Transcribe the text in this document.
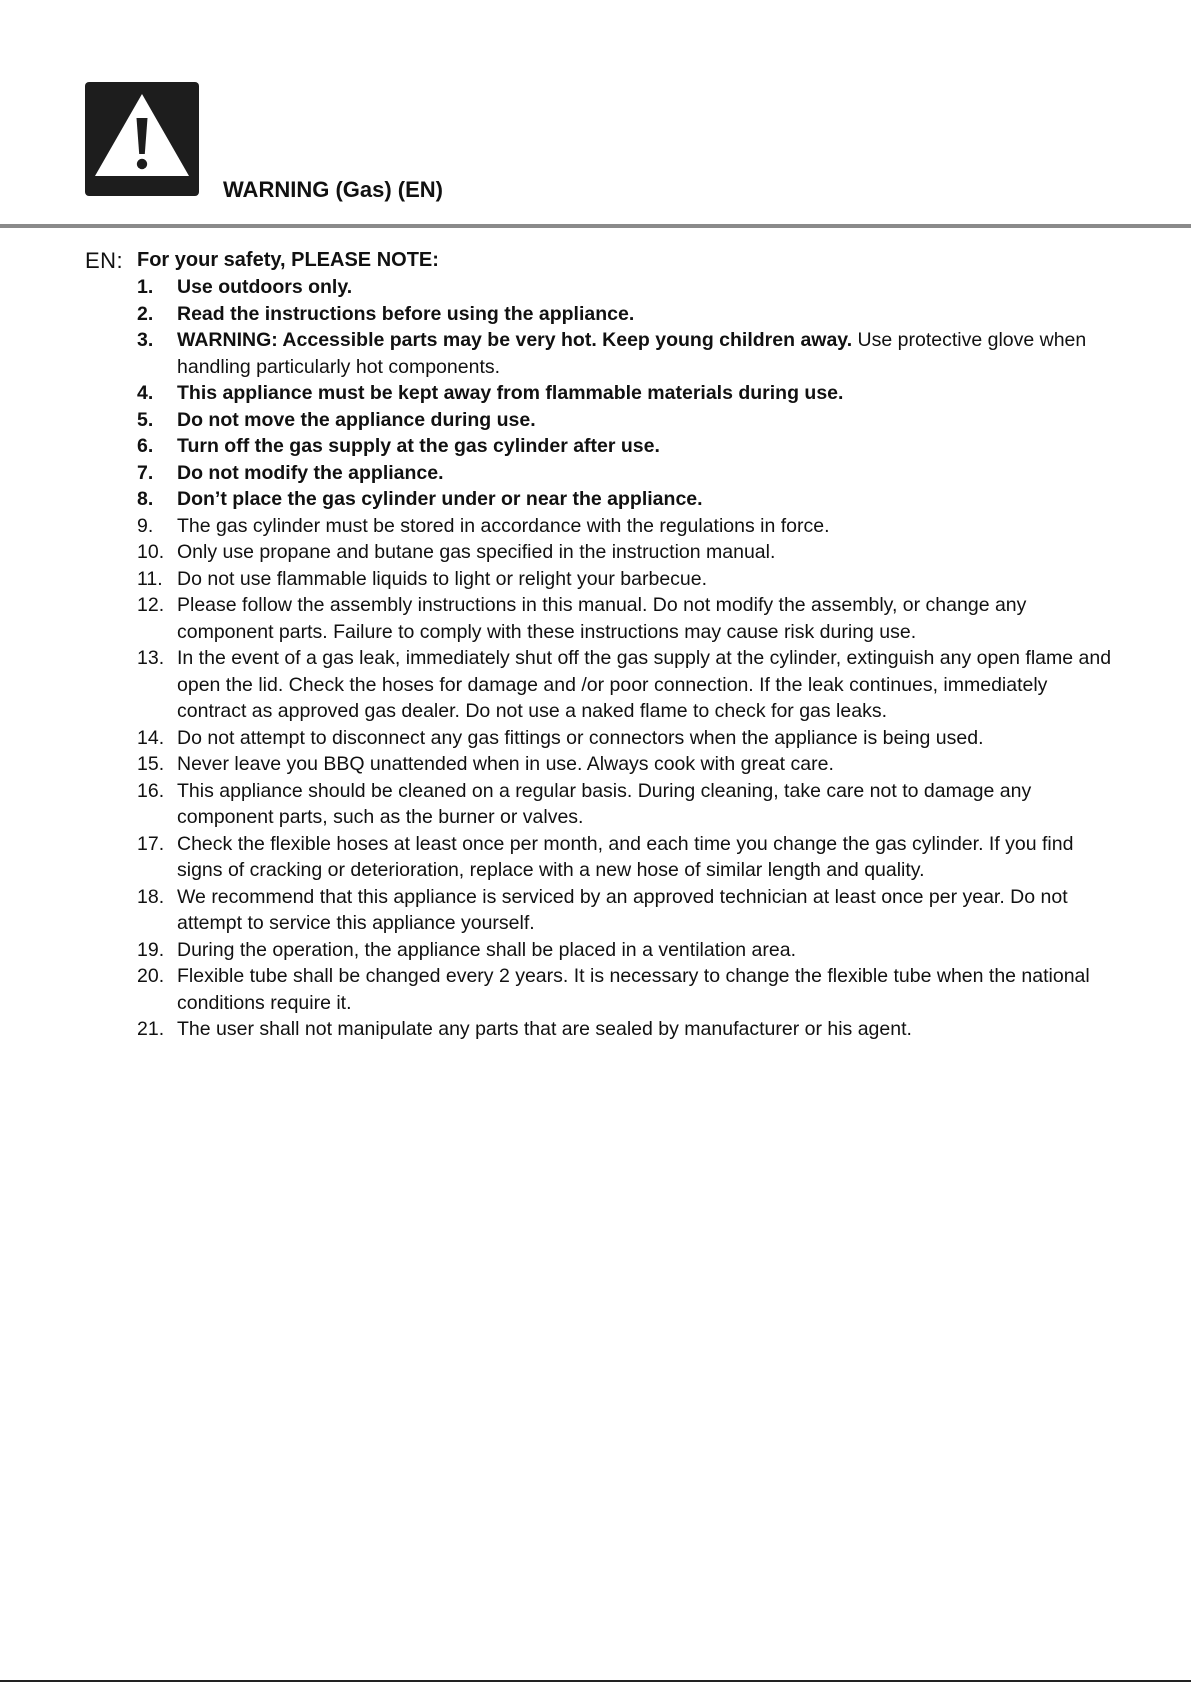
WARNING (Gas) (EN)
EN: For your safety, PLEASE NOTE:
1. Use outdoors only.
2. Read the instructions before using the appliance.
3. WARNING: Accessible parts may be very hot. Keep young children away. Use protective glove when handling particularly hot components.
4. This appliance must be kept away from flammable materials during use.
5. Do not move the appliance during use.
6. Turn off the gas supply at the gas cylinder after use.
7. Do not modify the appliance.
8. Don’t place the gas cylinder under or near the appliance.
9. The gas cylinder must be stored in accordance with the regulations in force.
10. Only use propane and butane gas specified in the instruction manual.
11. Do not use flammable liquids to light or relight your barbecue.
12. Please follow the assembly instructions in this manual. Do not modify the assembly, or change any component parts. Failure to comply with these instructions may cause risk during use.
13. In the event of a gas leak, immediately shut off the gas supply at the cylinder, extinguish any open flame and open the lid. Check the hoses for damage and /or poor connection. If the leak continues, immediately contract as approved gas dealer. Do not use a naked flame to check for gas leaks.
14. Do not attempt to disconnect any gas fittings or connectors when the appliance is being used.
15. Never leave you BBQ unattended when in use. Always cook with great care.
16. This appliance should be cleaned on a regular basis. During cleaning, take care not to damage any component parts, such as the burner or valves.
17. Check the flexible hoses at least once per month, and each time you change the gas cylinder. If you find signs of cracking or deterioration, replace with a new hose of similar length and quality.
18. We recommend that this appliance is serviced by an approved technician at least once per year. Do not attempt to service this appliance yourself.
19. During the operation, the appliance shall be placed in a ventilation area.
20. Flexible tube shall be changed every 2 years. It is necessary to change the flexible tube when the national conditions require it.
21. The user shall not manipulate any parts that are sealed by manufacturer or his agent.
